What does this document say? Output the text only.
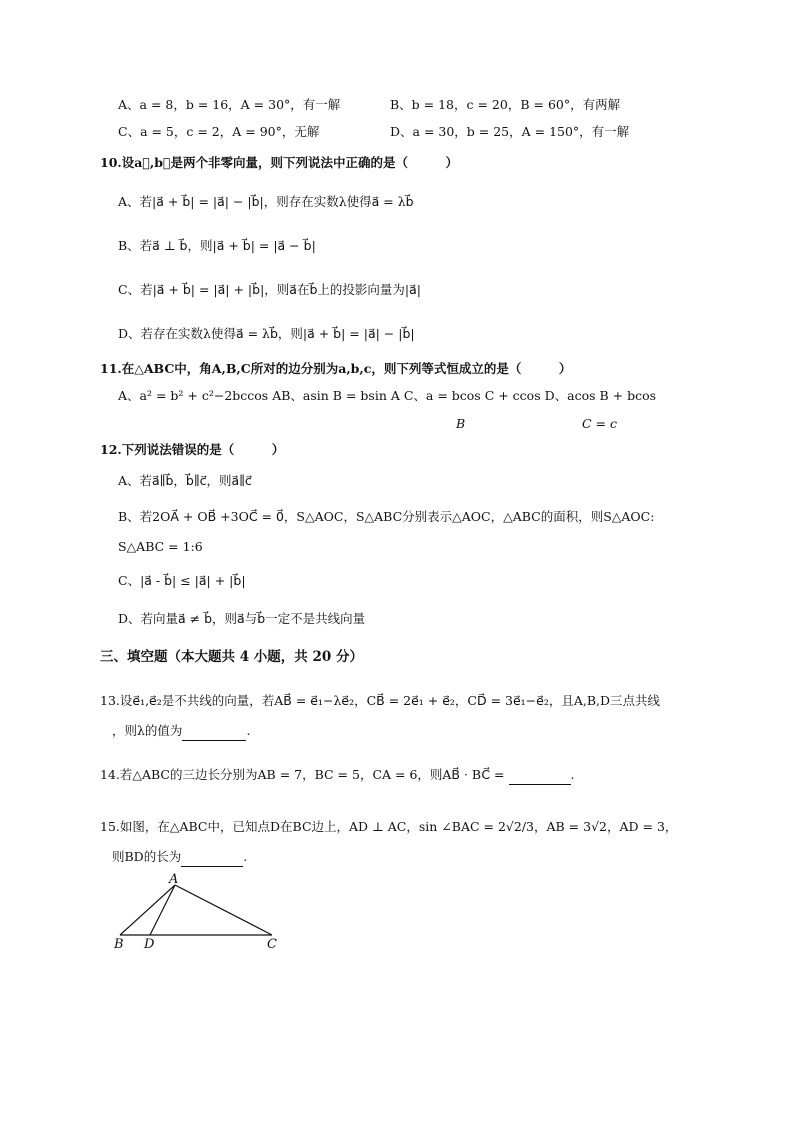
A、a = 8，b = 16，A = 30°，有一解	B、b = 18，c = 20，B = 60°，有两解
C、a = 5，c = 2，A = 90°，无解	D、a = 30，b = 25，A = 150°，有一解
10.设a⃗,b⃗是两个非零向量，则下列说法中正确的是（　　　）
A、若|a⃗ + b⃗| = |a⃗| − |b⃗|，则存在实数λ使得a⃗ = λb⃗
B、若a⃗ ⊥ b⃗，则|a⃗ + b⃗| = |a⃗ − b⃗|
C、若|a⃗ + b⃗| = |a⃗| + |b⃗|，则a⃗在b⃗上的投影向量为|a⃗|
D、若存在实数λ使得a⃗ = λb⃗，则|a⃗ + b⃗| = |a⃗| − |b⃗|
11.在△ABC中，角A,B,C所对的边分别为a,b,c，则下列等式恒成立的是（　　　）
A、a² = b² + c²−2bccos AB、asin B = bsin A C、a = bcos C + ccos D、acos B + bcos
B	C = c
12.下列说法错误的是（　　　）
A、若a⃗∥b⃗，b⃗∥c⃗，则a⃗∥c⃗
B、若2OA⃗ + OB⃗ +3OC⃗ = 0⃗，S△AOC，S△ABC分别表示△AOC，△ABC的面积，则S△AOC:
S△ABC = 1:6
C、|a⃗ - b⃗| ≤ |a⃗| + |b⃗|
D、若向量a⃗ ≠ b⃗，则a⃗与b⃗一定不是共线向量
三、填空题（本大题共 4 小题，共 20 分）
13.设e⃗₁,e⃗₂是不共线的向量，若AB⃗ = e⃗₁−λe⃗₂，CB⃗ = 2e⃗₁ + e⃗₂，CD⃗ = 3e⃗₁−e⃗₂，且A,B,D三点共线
，则λ的值为	.
14.若△ABC的三边长分别为AB = 7，BC = 5，CA = 6，则AB⃗ · BC⃗ =	.
15.如图，在△ABC中，已知点D在BC边上，AD ⊥ AC，sin ∠BAC = 2√2/3，AB = 3√2，AD = 3，
则BD的长为	.
A
B D	C
